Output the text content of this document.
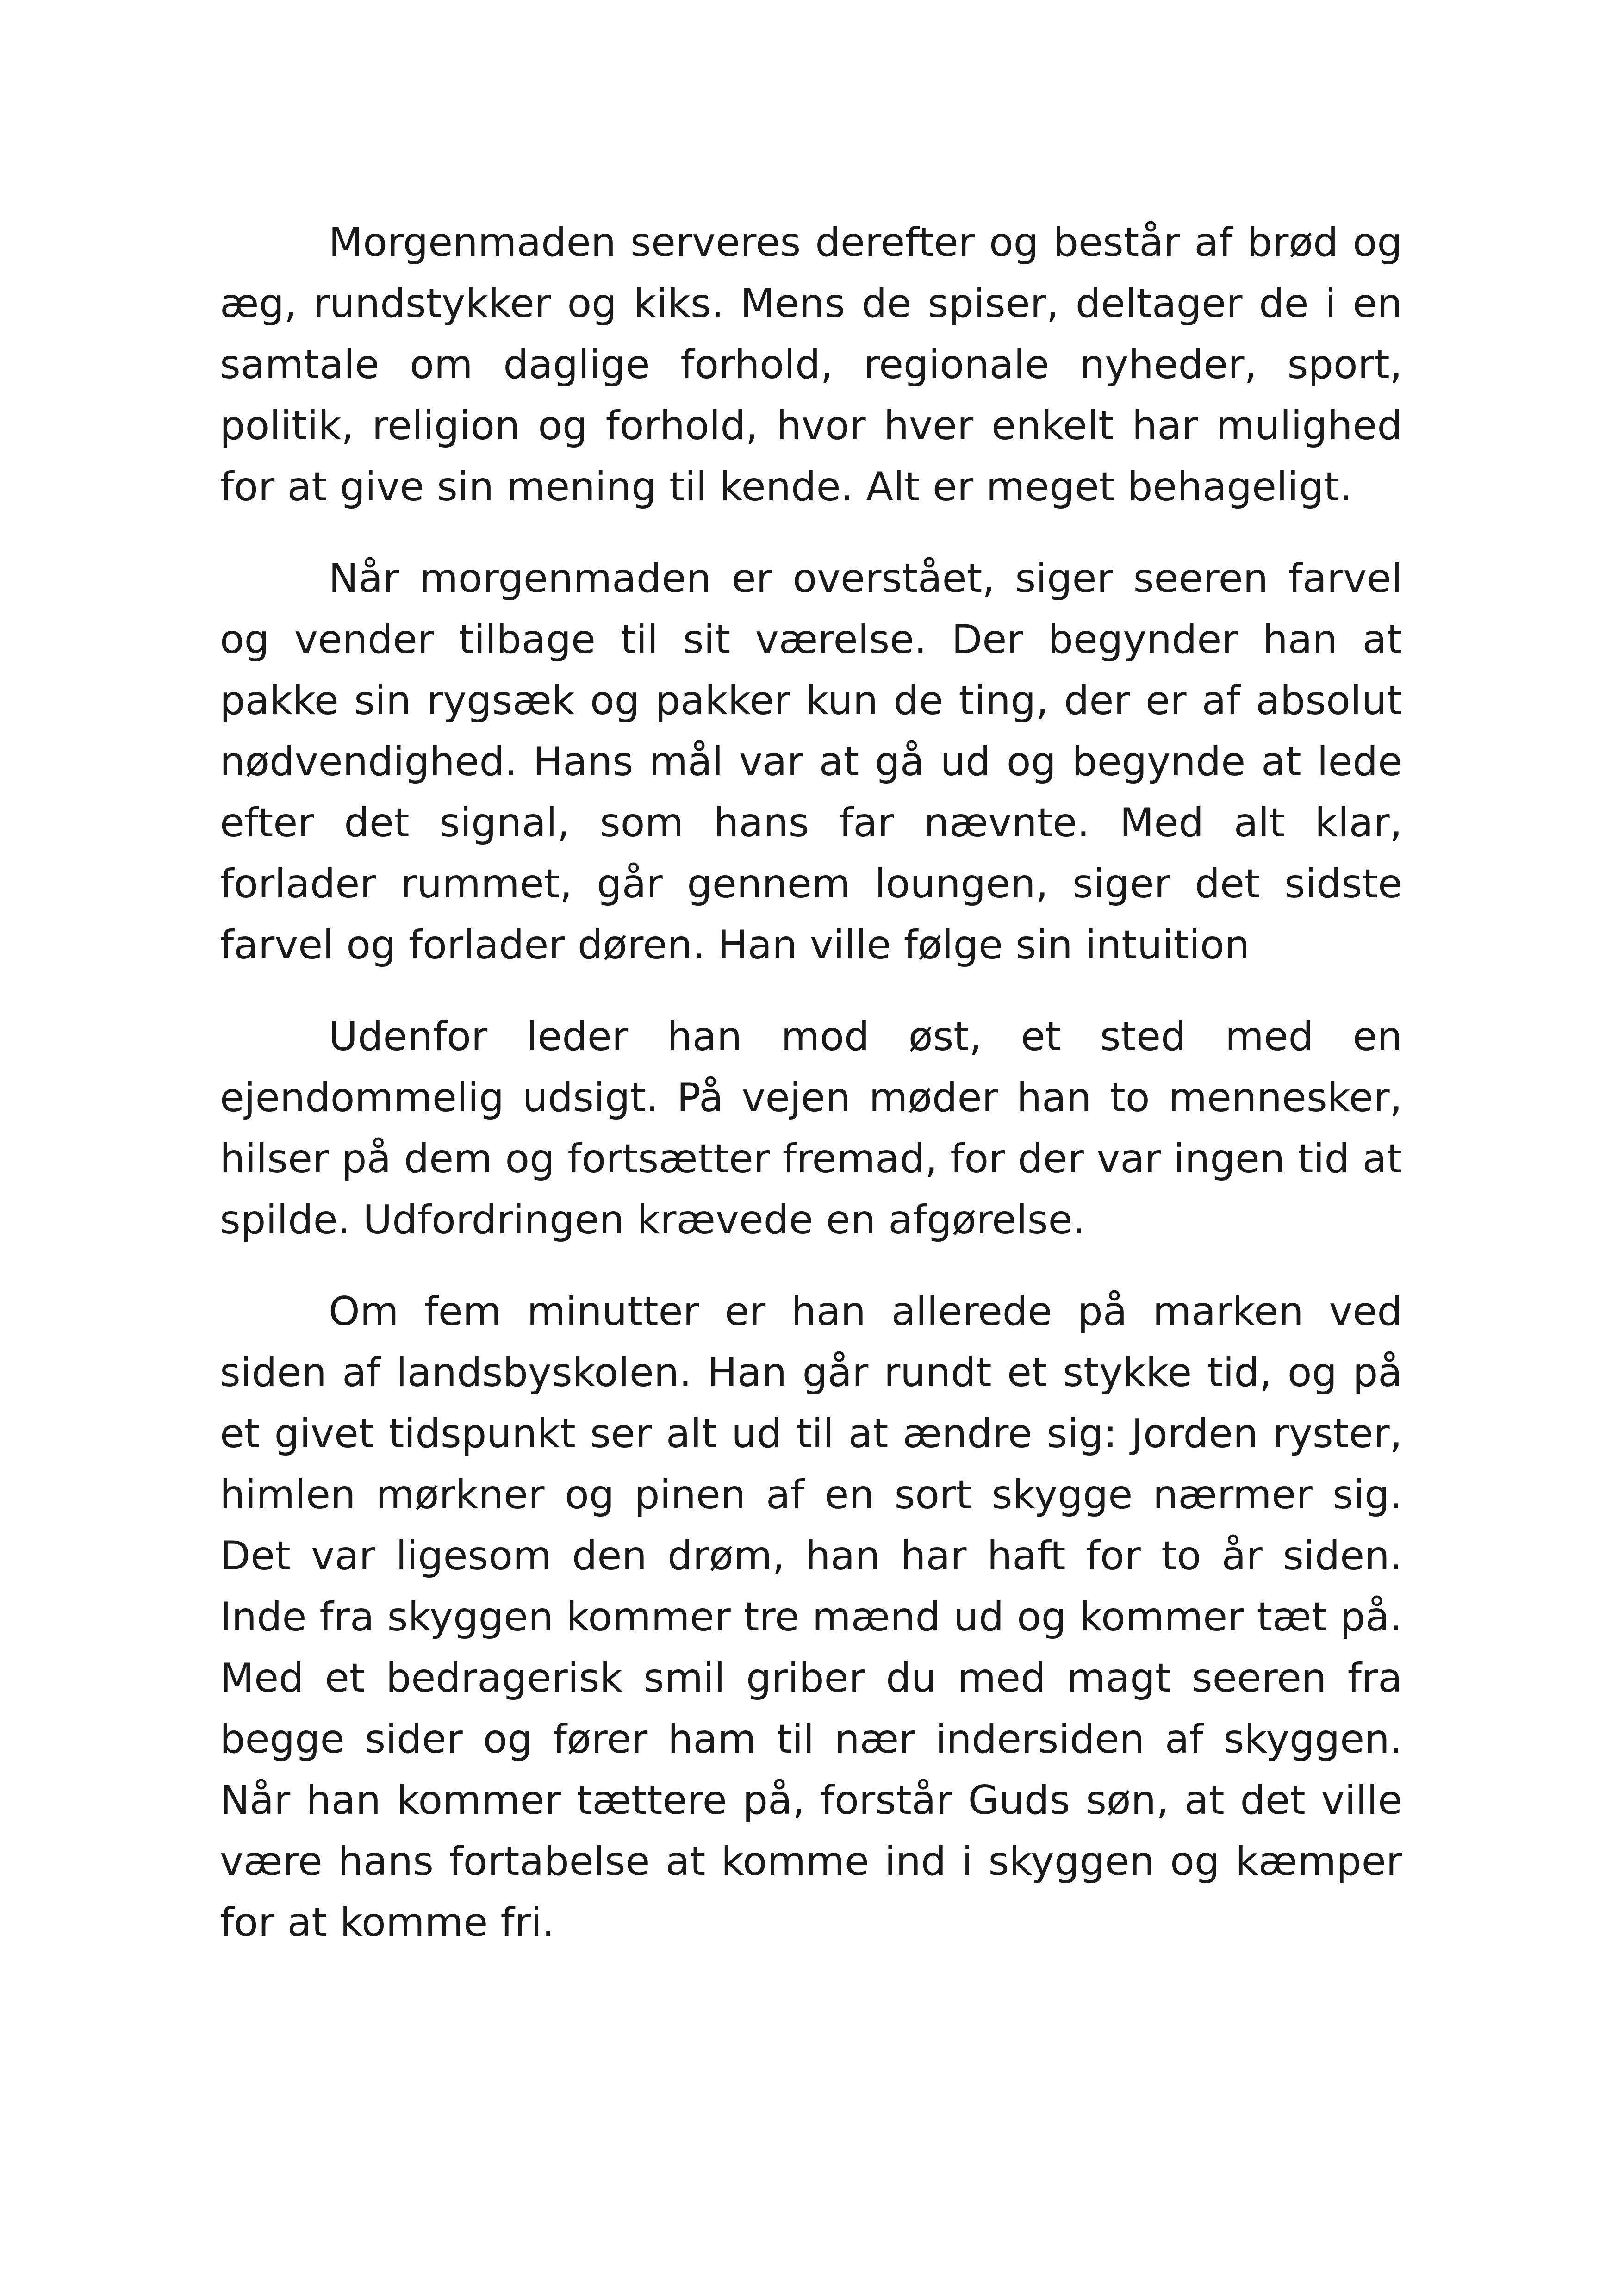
Morgenmaden serveres derefter og består af brød og æg, rundstykker og kiks. Mens de spiser, deltager de i en samtale om daglige forhold, regionale nyheder, sport, politik, religion og forhold, hvor hver enkelt har mulighed for at give sin mening til kende. Alt er meget behageligt.

Når morgenmaden er overstået, siger seeren farvel og vender tilbage til sit værelse. Der begynder han at pakke sin rygsæk og pakker kun de ting, der er af absolut nødvendighed. Hans mål var at gå ud og begynde at lede efter det signal, som hans far nævnte. Med alt klar, forlader rummet, går gennem loungen, siger det sidste farvel og forlader døren. Han ville følge sin intuition

Udenfor leder han mod øst, et sted med en ejendommelig udsigt. På vejen møder han to mennesker, hilser på dem og fortsætter fremad, for der var ingen tid at spilde. Udfordringen krævede en afgørelse.

Om fem minutter er han allerede på marken ved siden af landsbyskolen. Han går rundt et stykke tid, og på et givet tidspunkt ser alt ud til at ændre sig: Jorden ryster, himlen mørkner og pinen af en sort skygge nærmer sig. Det var ligesom den drøm, han har haft for to år siden. Inde fra skyggen kommer tre mænd ud og kommer tæt på. Med et bedragerisk smil griber du med magt seeren fra begge sider og fører ham til nær indersiden af skyggen. Når han kommer tættere på, forstår Guds søn, at det ville være hans fortabelse at komme ind i skyggen og kæmper for at komme fri.
